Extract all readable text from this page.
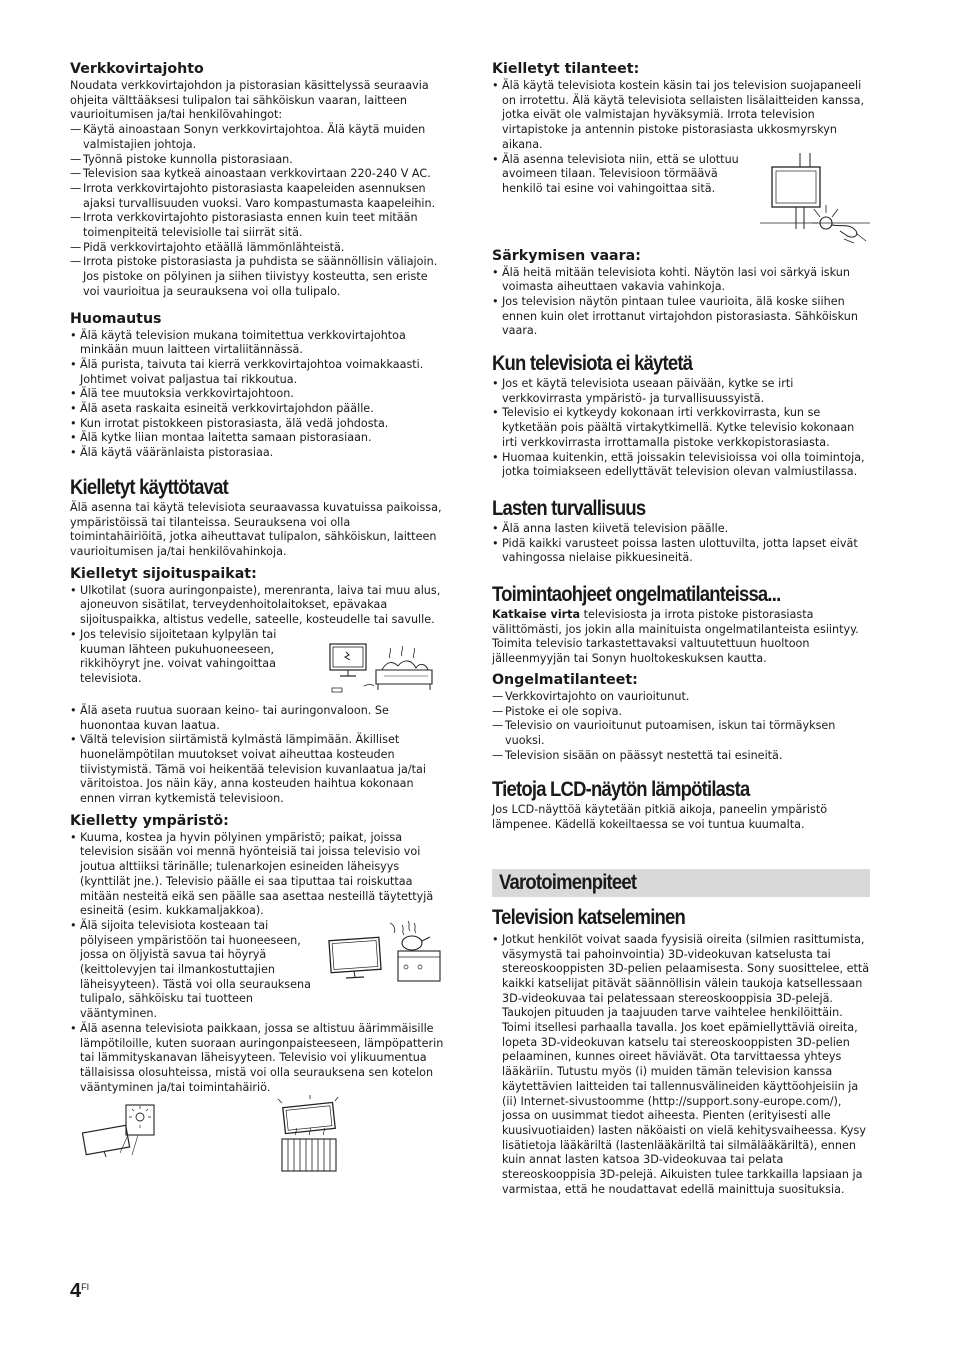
Verkkovirtajohto

Noudata verkkovirtajohdon ja pistorasian käsittelyssä seuraavia ohjeita välttääksesi tulipalon tai sähköiskun vaaran, laitteen vaurioitumisen ja/tai henkilövahingot:

— Käytä ainoastaan Sonyn verkkovirtajohtoa. Älä käytä muiden valmistajien johtoja.
— Työnnä pistoke kunnolla pistorasiaan.
— Television saa kytkeä ainoastaan verkkovirtaan 220-240 V AC.
— Irrota verkkovirtajohto pistorasiasta kaapeleiden asennuksen ajaksi turvallisuuden vuoksi. Varo kompastumasta kaapeleihin.
— Irrota verkkovirtajohto pistorasiasta ennen kuin teet mitään toimenpiteitä televisiolle tai siirrät sitä.
— Pidä verkkovirtajohto etäällä lämmönlähteistä.
— Irrota pistoke pistorasiasta ja puhdista se säännöllisin väliajoin. Jos pistoke on pölyinen ja siihen tiivistyy kosteutta, sen eriste voi vaurioitua ja seurauksena voi olla tulipalo.
Huomautus
• Älä käytä television mukana toimitettua verkkovirtajohtoa minkään muun laitteen virtaliitännässä.
• Älä purista, taivuta tai kierrä verkkovirtajohtoa voimakkaasti. Johtimet voivat paljastua tai rikkoutua.
• Älä tee muutoksia verkkovirtajohtoon.
• Älä aseta raskaita esineitä verkkovirtajohdon päälle.
• Kun irrotat pistokkeen pistorasiasta, älä vedä johdosta.
• Älä kytke liian montaa laitetta samaan pistorasiaan.
• Älä käytä vääränlaista pistorasiaa.
Kielletyt käyttötavat

Älä asenna tai käytä televisiota seuraavassa kuvatuissa paikoissa, ympäristöissä tai tilanteissa. Seurauksena voi olla toimintahäiriöitä, jotka aiheuttavat tulipalon, sähköiskun, laitteen vaurioitumisen ja/tai henkilövahinkoja.

Kielletyt sijoituspaikat:
• Ulkotilat (suora auringonpaiste), merenranta, laiva tai muu alus, ajoneuvon sisätilat, terveydenhoitolaitokset, epävakaa sijoituspaikka, altistus vedelle, sateelle, kosteudelle tai savulle.
• Jos televisio sijoitetaan kylpylän tai kuuman lähteen pukuhuoneeseen, rikkihöyryt jne. voivat vahingoittaa televisiota.
• Älä aseta ruutua suoraan keino- tai auringonvaloon. Se huonontaa kuvan laatua.
• Vältä television siirtämistä kylmästä lämpimään. Äkilliset huonelämpötilan muutokset voivat aiheuttaa kosteuden tiivistymistä. Tämä voi heikentää television kuvanlaatua ja/tai väritoistoa. Jos näin käy, anna kosteuden haihtua kokonaan ennen virran kytkemistä televisioon.
Kielletty ympäristö:
• Kuuma, kostea ja hyvin pölyinen ympäristö; paikat, joissa television sisään voi mennä hyönteisiä tai joissa televisio voi joutua alttiiksi tärinälle; tulenarkojen esineiden läheisyys (kynttilät jne.). Televisio päälle ei saa tiputtaa tai roiskuttaa mitään nesteitä eikä sen päälle saa asettaa nesteillä täytettyjä esineitä (esim. kukkamaljakkoa).
• Älä sijoita televisiota kosteaan tai pölyiseen ympäristöön tai huoneeseen, jossa on öljyistä savua tai höyryä (keittolevyjen tai ilmankostuttajien läheisyyteen). Tästä voi olla seurauksena tulipalo, sähköisku tai tuotteen vääntyminen.
• Älä asenna televisiota paikkaan, jossa se altistuu äärimmäisille lämpötiloille, kuten suoraan auringonpaisteeseen, lämpöpatterin tai lämmityskanavan läheisyyteen. Televisio voi ylikuumentua tällaisissa olosuhteissa, mistä voi olla seurauksena sen kotelon vääntyminen ja/tai toimintahäiriö.
Kielletyt tilanteet:
• Älä käytä televisiota kostein käsin tai jos television suojapaneeli on irrotettu. Älä käytä televisiota sellaisten lisälaitteiden kanssa, jotka eivät ole valmistajan hyväksymiä. Irrota television virtapistoke ja antennin pistoke pistorasiasta ukkosmyrskyn aikana.
• Älä asenna televisiota niin, että se ulottuu avoimeen tilaan. Televisioon törmäävä henkilö tai esine voi vahingoittaa sitä.
Särkymisen vaara:
• Älä heitä mitään televisiota kohti. Näytön lasi voi särkyä iskun voimasta aiheuttaen vakavia vahinkoja.
• Jos television näytön pintaan tulee vaurioita, älä koske siihen ennen kuin olet irrottanut virtajohdon pistorasiasta. Sähköiskun vaara.
Kun televisiota ei käytetä
• Jos et käytä televisiota useaan päivään, kytke se irti verkkovirrasta ympäristö- ja turvallisuussyistä.
• Televisio ei kytkeydy kokonaan irti verkkovirrasta, kun se kytketään pois päältä virtakytkimellä. Kytke televisio kokonaan irti verkkovirrasta irrottamalla pistoke verkkopistorasiasta.
• Huomaa kuitenkin, että joissakin televisioissa voi olla toimintoja, jotka toimiakseen edellyttävät television olevan valmiustilassa.
Lasten turvallisuus
• Älä anna lasten kiivetä television päälle.
• Pidä kaikki varusteet poissa lasten ulottuvilta, jotta lapset eivät vahingossa nielaise pikkuesineitä.
Toimintaohjeet ongelmatilanteissa...

Katkaise virta televisiosta ja irrota pistoke pistorasiasta välittömästi, jos jokin alla mainituista ongelmatilanteista esiintyy. Toimita televisio tarkastettavaksi valtuutettuun huoltoon jälleenmyyjän tai Sonyn huoltokeskuksen kautta.

Ongelmatilanteet:
— Verkkovirtajohto on vaurioitunut.
— Pistoke ei ole sopiva.
— Televisio on vaurioitunut putoamisen, iskun tai törmäyksen vuoksi.
— Television sisään on päässyt nestettä tai esineitä.
Tietoja LCD-näytön lämpötilasta

Jos LCD-näyttöä käytetään pitkiä aikoja, paneelin ympäristö lämpenee. Kädellä kokeiltaessa se voi tuntua kuumalta.

Varotoimenpiteet
Television katseleminen
• Jotkut henkilöt voivat saada fyysisiä oireita (silmien rasittumista, väsymystä tai pahoinvointia) 3D-videokuvan katselusta tai stereoskooppisten 3D-pelien pelaamisesta. Sony suosittelee, että kaikki katselijat pitävät säännöllisin välein taukoja katsellessaan 3D-videokuvaa tai pelatessaan stereoskooppisia 3D-pelejä. Taukojen pituuden ja taajuuden tarve vaihtelee henkilöittäin. Toimi itsellesi parhaalla tavalla. Jos koet epämiellyttäviä oireita, lopeta 3D-videokuvan katselu tai stereoskooppisten 3D-pelien pelaaminen, kunnes oireet häviävät. Ota tarvittaessa yhteys lääkäriin. Tutustu myös (i) muiden tämän television kanssa käytettävien laitteiden tai tallennusvälineiden käyttöohjeisiin ja (ii) Internet-sivustoomme (http://support.sony-europe.com/), jossa on uusimmat tiedot aiheesta. Pienten (erityisesti alle kuusivuotiaiden) lasten näköaisti on vielä kehitysvaiheessa. Kysy lisätietoja lääkäriltä (lastenlääkäriltä tai silmälääkäriltä), ennen kuin annat lasten katsoa 3D-videokuvaa tai pelata stereoskooppisia 3D-pelejä. Aikuisten tulee tarkkailla lapsiaan ja varmistaa, että he noudattavat edellä mainittuja suosituksia.
$4^{FI}$
